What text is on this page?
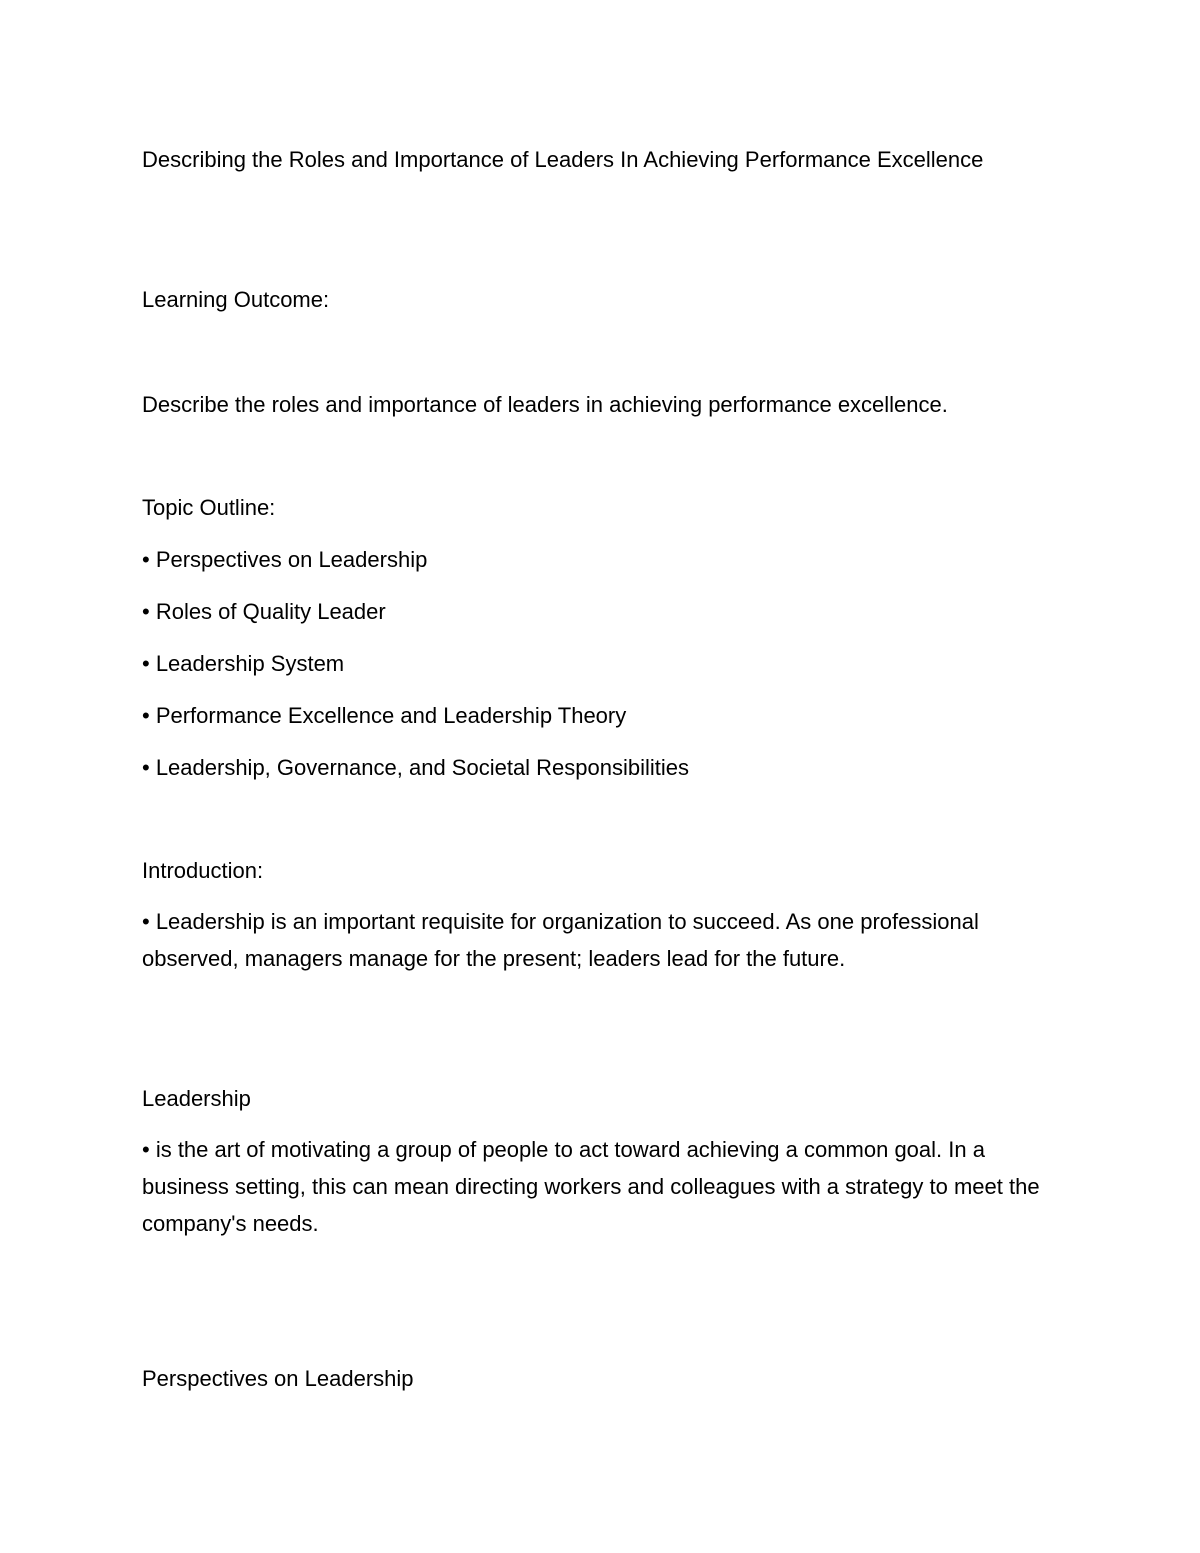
Describing the Roles and Importance of Leaders In Achieving Performance Excellence
Learning Outcome:
Describe the roles and importance of leaders in achieving performance excellence.
Topic Outline:
• Perspectives on Leadership
• Roles of Quality Leader
• Leadership System
• Performance Excellence and Leadership Theory
• Leadership, Governance, and Societal Responsibilities
Introduction:
• Leadership is an important requisite for organization to succeed. As one professional observed, managers manage for the present; leaders lead for the future.
Leadership
• is the art of motivating a group of people to act toward achieving a common goal. In a business setting, this can mean directing workers and colleagues with a strategy to meet the company's needs.
Perspectives on Leadership
